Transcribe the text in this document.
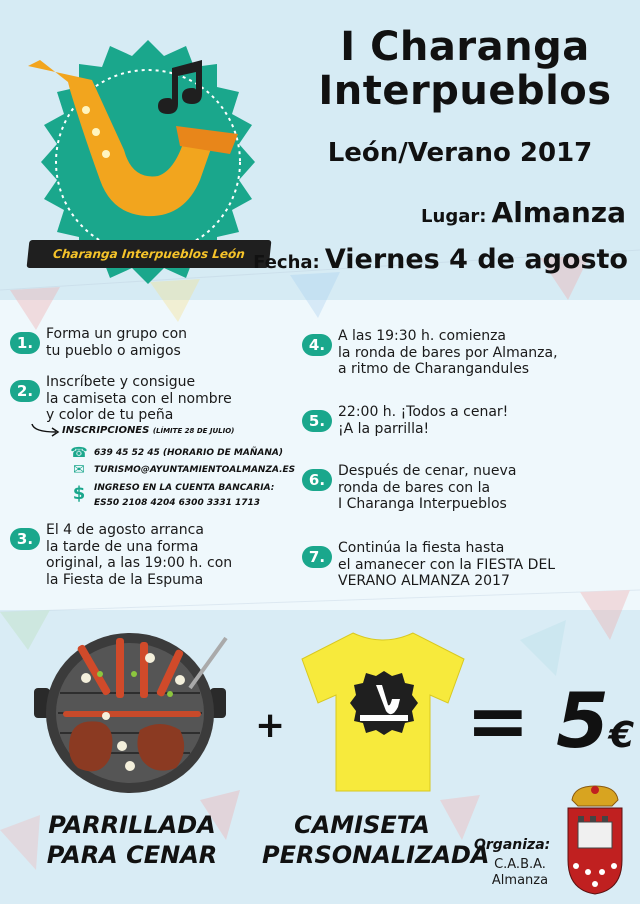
Charanga Interpueblos León
I Charanga
Interpueblos
León/Verano 2017
Lugar: Almanza
Fecha: Viernes 4 de agosto
1. Forma un grupo con
tu pueblo o amigos
2. Inscríbete y consigue
la camiseta con el nombre
y color de tu peña
INSCRIPCIONES (LÍMITE 28 DE JULIO)
☎ 639 45 52 45 (HORARIO DE MAÑANA)
✉ TURISMO@AYUNTAMIENTOALMANZA.ES
$ INGRESO EN LA CUENTA BANCARIA:
ES50 2108 4204 6300 3331 1713
3. El 4 de agosto arranca
la tarde de una forma
original, a las 19:00 h. con
la Fiesta de la Espuma
4. A las 19:30 h. comienza
la ronda de bares por Almanza,
a ritmo de Charangandules
5. 22:00 h. ¡Todos a cenar!
¡A la parrilla!
6. Después de cenar, nueva
ronda de bares con la
I Charanga Interpueblos
7. Continúa la fiesta hasta
el amanecer con la FIESTA DEL
VERANO ALMANZA 2017
+ = 5€
PARRILLADA
PARA CENAR
CAMISETA
PERSONALIZADA
Organiza:
C.A.B.A.
Almanza
